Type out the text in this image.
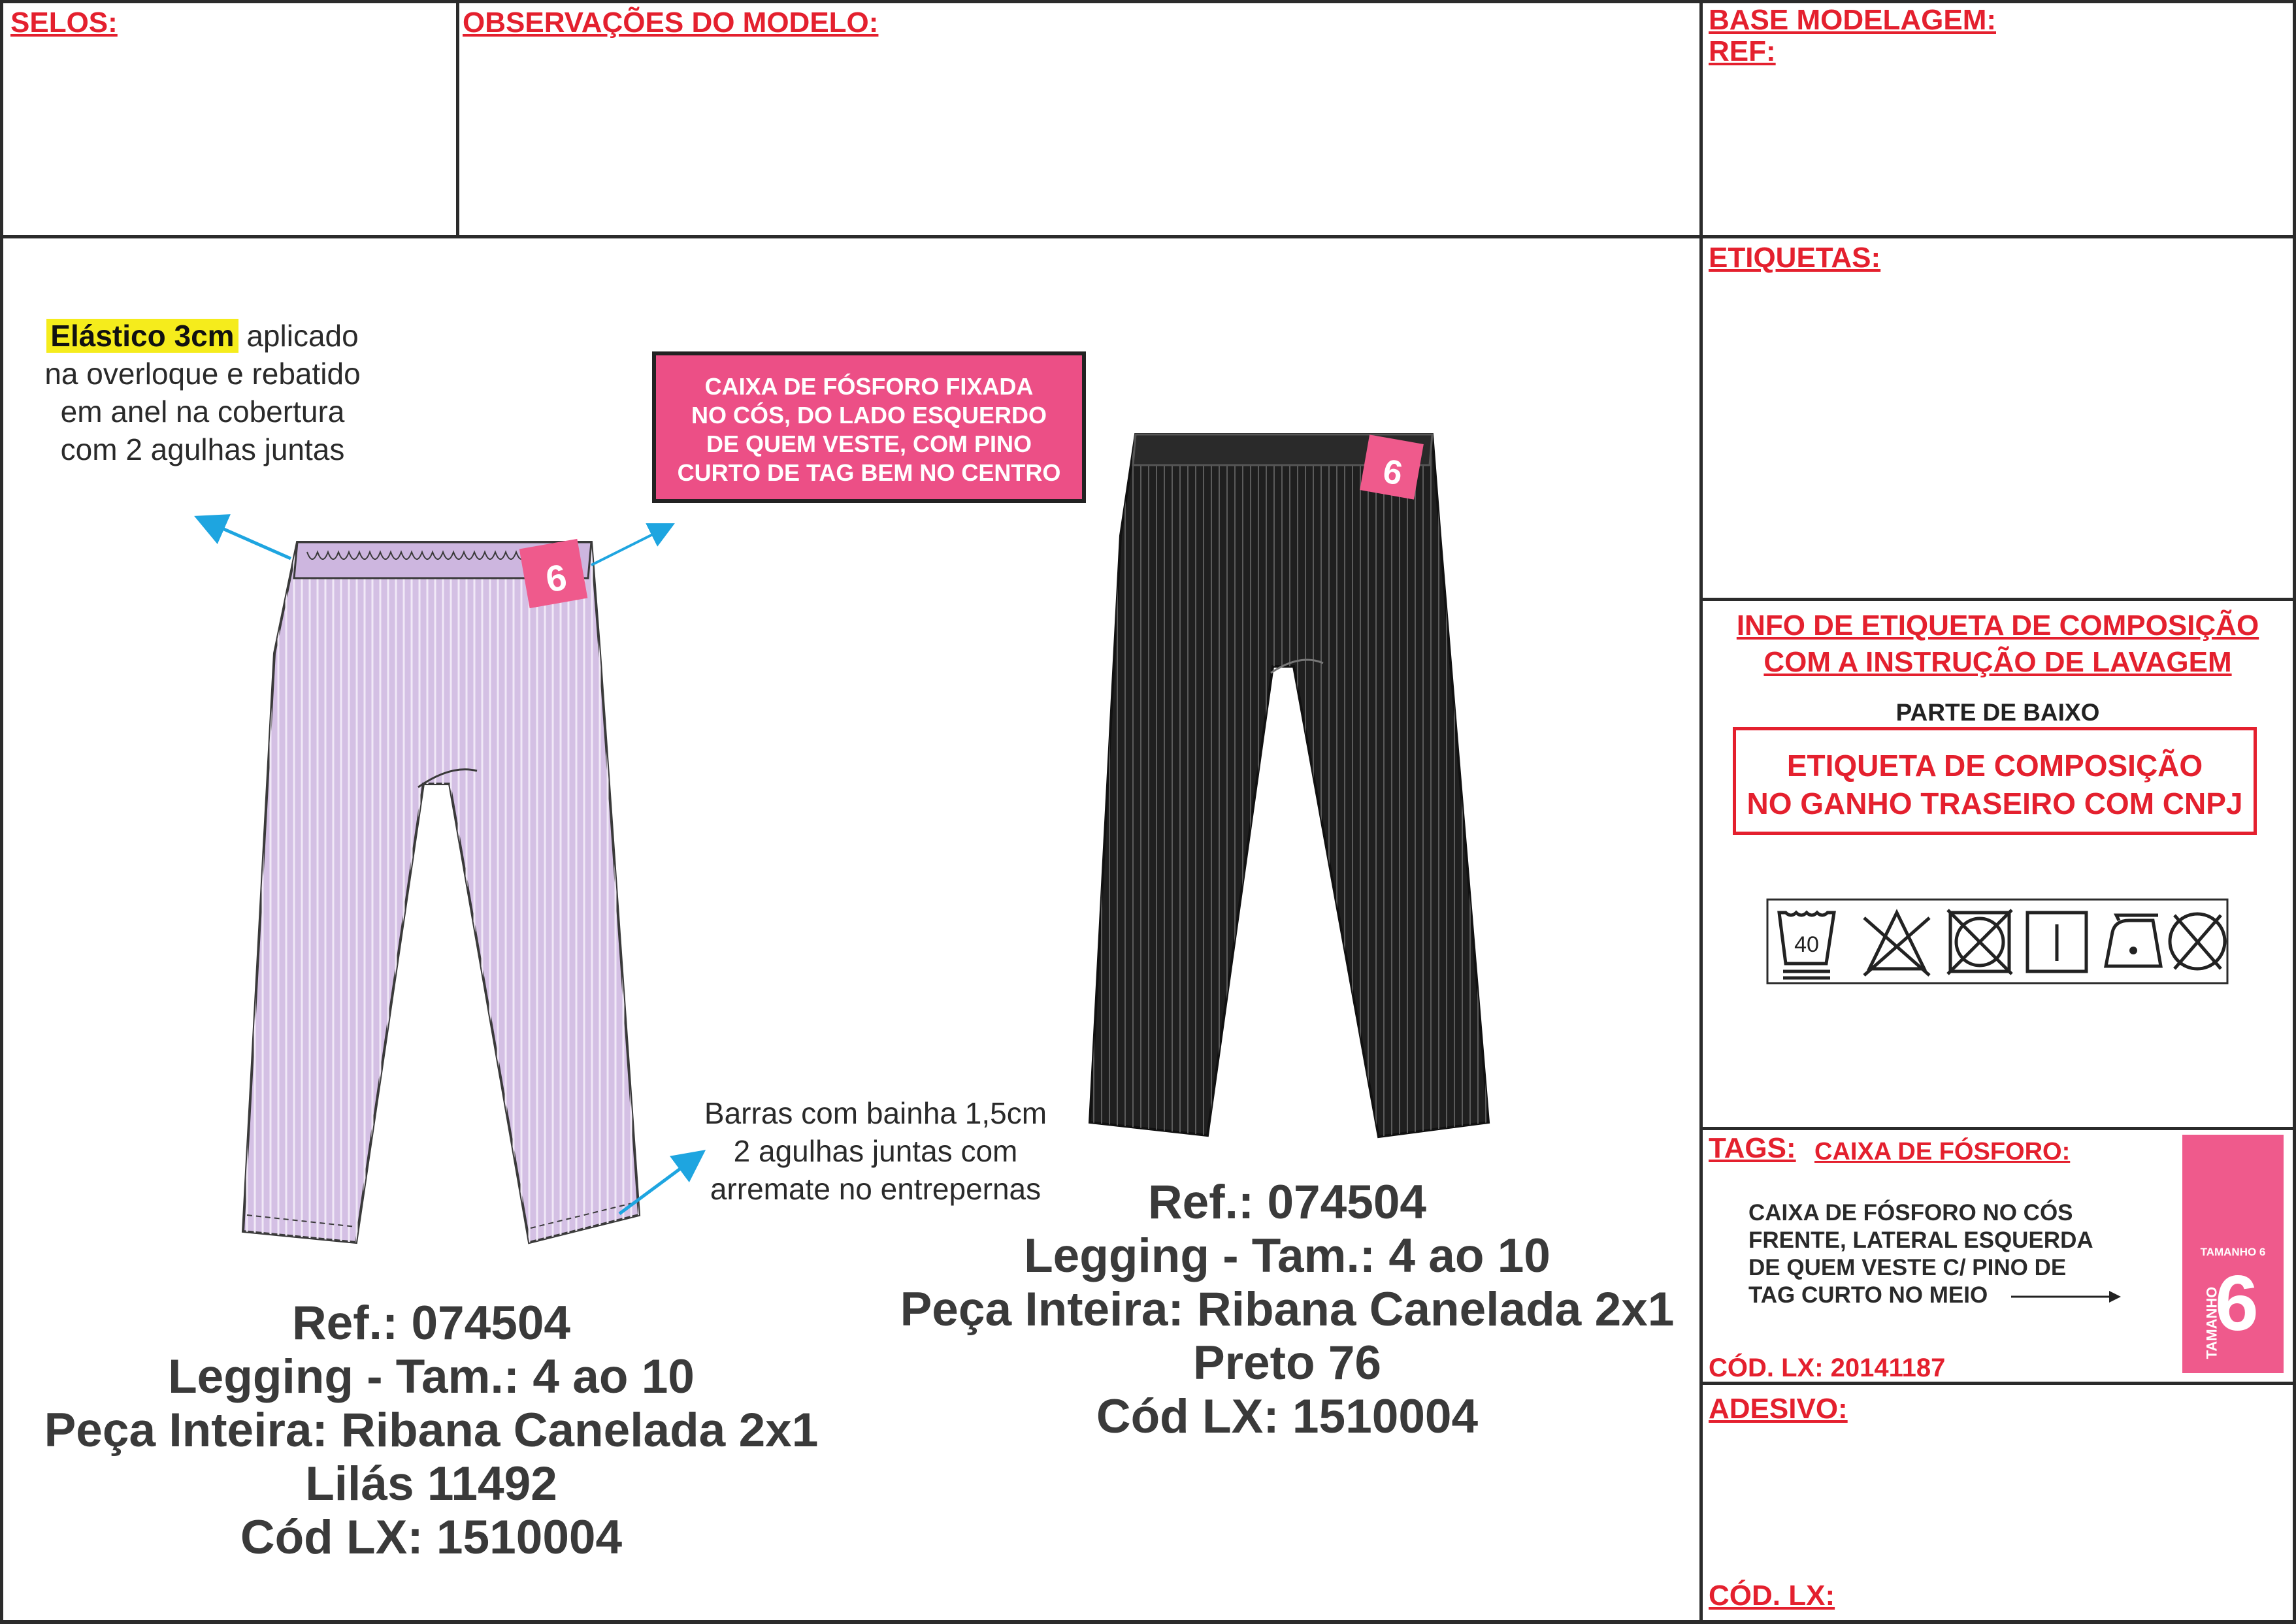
SELOS:	OBSERVAÇÕES DO MODELO:	BASE MODELAGEM:
REF:
ETIQUETAS:
INFO DE ETIQUETA DE COMPOSIÇÃO
COM A INSTRUÇÃO DE LAVAGEM
PARTE DE BAIXO
ETIQUETA DE COMPOSIÇÃO
NO GANHO TRASEIRO COM CNPJ
40
TAGS: CAIXA DE FÓSFORO:
CAIXA DE FÓSFORO NO CÓS
FRENTE, LATERAL ESQUERDA
DE QUEM VESTE C/ PINO DE
TAG CURTO NO MEIO
CÓD. LX: 20141187
TAMANHO 6
TAMANHO
6
ADESIVO:
CÓD. LX:
Elástico 3cm aplicado
na overloque e rebatido
em anel na cobertura
com 2 agulhas juntas
CAIXA DE FÓSFORO FIXADA
NO CÓS, DO LADO ESQUERDO
DE QUEM VESTE, COM PINO
CURTO DE TAG BEM NO CENTRO
Barras com bainha 1,5cm
2 agulhas juntas com
arremate no entrepernas
6
6
Ref.: 074504
Legging - Tam.: 4 ao 10
Peça Inteira: Ribana Canelada 2x1
Lilás 11492
Cód LX: 1510004
Ref.: 074504
Legging - Tam.: 4 ao 10
Peça Inteira: Ribana Canelada 2x1
Preto 76
Cód LX: 1510004
